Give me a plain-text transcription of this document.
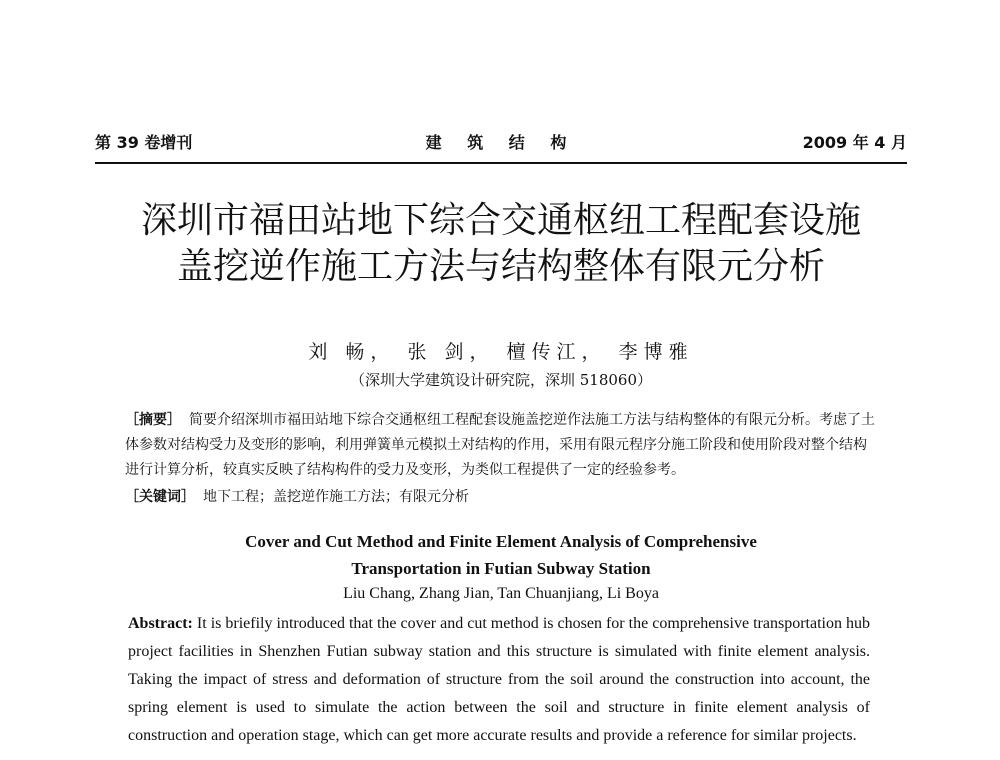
第 39 卷增刊	建 筑 结 构	2009 年 4 月
深圳市福田站地下综合交通枢纽工程配套设施
盖挖逆作施工方法与结构整体有限元分析
刘 畅， 张 剑， 檀传江， 李博雅
（深圳大学建筑设计研究院，深圳 518060）
［摘要］ 简要介绍深圳市福田站地下综合交通枢纽工程配套设施盖挖逆作法施工方法与结构整体的有限元分析。考虑了土体参数对结构受力及变形的影响，利用弹簧单元模拟土对结构的作用，采用有限元程序分施工阶段和使用阶段对整个结构进行计算分析，较真实反映了结构构件的受力及变形，为类似工程提供了一定的经验参考。
［关键词］ 地下工程；盖挖逆作施工方法；有限元分析
Cover and Cut Method and Finite Element Analysis of Comprehensive
Transportation in Futian Subway Station
Liu Chang, Zhang Jian, Tan Chuanjiang, Li Boya
Abstract: It is briefily introduced that the cover and cut method is chosen for the comprehensive transportation hub project facilities in Shenzhen Futian subway station and this structure is simulated with finite element analysis. Taking the impact of stress and deformation of structure from the soil around the construction into account, the spring element is used to simulate the action between the soil and structure in finite element analysis of construction and operation stage, which can get more accurate results and provide a reference for similar projects.
